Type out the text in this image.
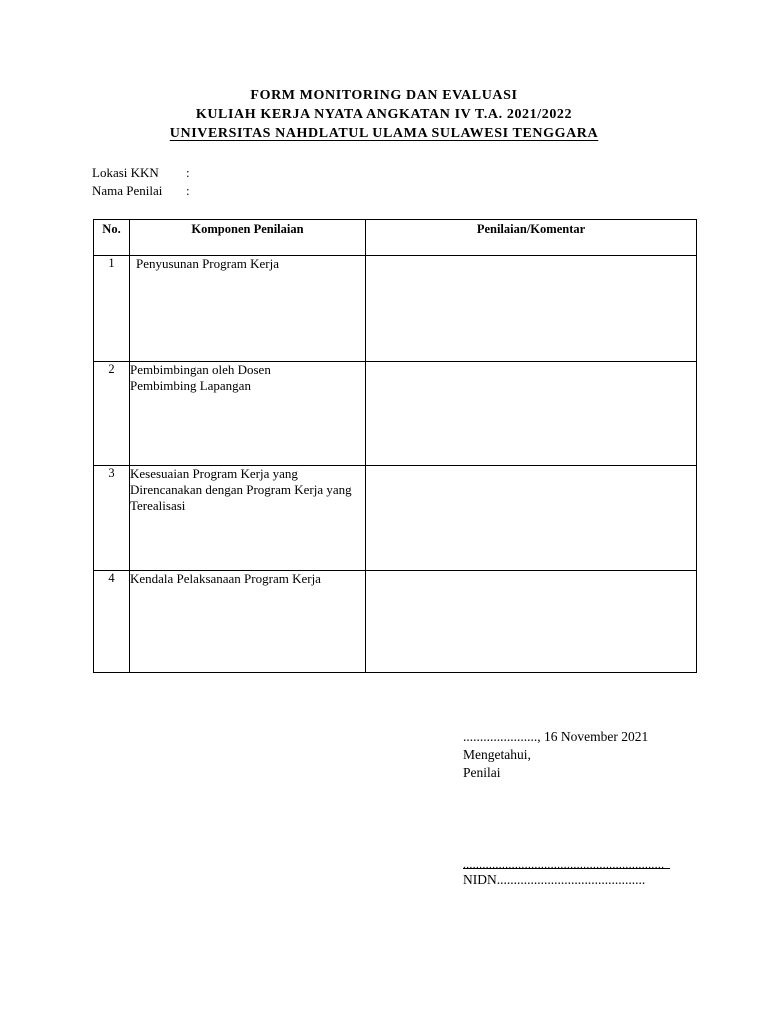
FORM MONITORING DAN EVALUASI
KULIAH KERJA NYATA ANGKATAN IV T.A. 2021/2022
UNIVERSITAS NAHDLATUL ULAMA SULAWESI TENGGARA
Lokasi KKN	:
Nama Penilai	:
No.	Komponen Penilaian	Penilaian/Komentar
1	Penyusunan Program Kerja	
2	Pembimbingan oleh Dosen Pembimbing Lapangan	

3	Kesesuaian Program Kerja yang Direncanakan dengan Program Kerja yang Terealisasi	
4	Kendala Pelaksanaan Program Kerja	
......................, 16 November 2021
Mengetahui,
Penilai
..............................................................
NIDN............................................
